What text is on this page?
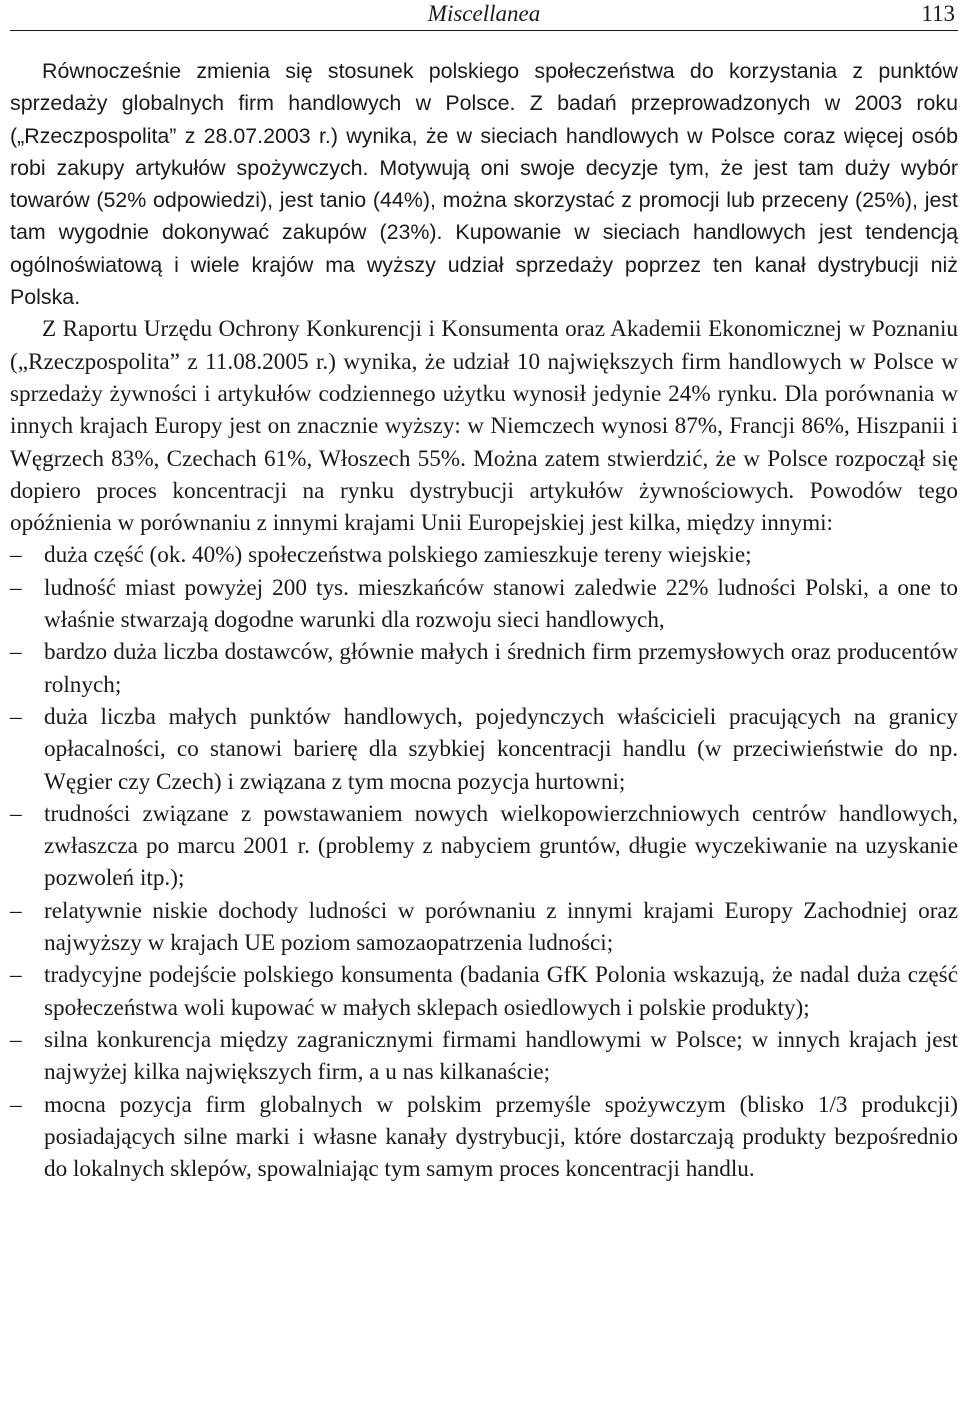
Miscellanea	113

Równocześnie zmienia się stosunek polskiego społeczeństwa do korzystania z punktów sprzedaży globalnych firm handlowych w Polsce. Z badań przeprowadzonych w 2003 roku („Rzeczpospolita” z 28.07.2003 r.) wynika, że w sieciach handlowych w Polsce coraz więcej osób robi zakupy artykułów spożywczych. Motywują oni swoje decyzje tym, że jest tam duży wybór towarów (52% odpowiedzi), jest tanio (44%), można skorzystać z promocji lub przeceny (25%), jest tam wygodnie dokonywać zakupów (23%). Kupowanie w sieciach handlowych jest tendencją ogólnoświatową i wiele krajów ma wyższy udział sprzedaży poprzez ten kanał dystrybucji niż Polska.

Z Raportu Urzędu Ochrony Konkurencji i Konsumenta oraz Akademii Ekonomicznej w Poznaniu („Rzeczpospolita” z 11.08.2005 r.) wynika, że udział 10 największych firm handlowych w Polsce w sprzedaży żywności i artykułów codziennego użytku wynosił jedynie 24% rynku. Dla porównania w innych krajach Europy jest on znacznie wyższy: w Niemczech wynosi 87%, Francji 86%, Hiszpanii i Węgrzech 83%, Czechach 61%, Włoszech 55%. Można zatem stwierdzić, że w Polsce rozpoczął się dopiero proces koncentracji na rynku dystrybucji artykułów żywnościowych. Powodów tego opóźnienia w porównaniu z innymi krajami Unii Europejskiej jest kilka, między innymi:

– duża część (ok. 40%) społeczeństwa polskiego zamieszkuje tereny wiejskie;
– ludność miast powyżej 200 tys. mieszkańców stanowi zaledwie 22% ludności Polski, a one to właśnie stwarzają dogodne warunki dla rozwoju sieci handlowych,
– bardzo duża liczba dostawców, głównie małych i średnich firm przemysłowych oraz producentów rolnych;
– duża liczba małych punktów handlowych, pojedynczych właścicieli pracujących na granicy opłacalności, co stanowi barierę dla szybkiej koncentracji handlu (w przeciwieństwie do np. Węgier czy Czech) i związana z tym mocna pozycja hurtowni;
– trudności związane z powstawaniem nowych wielkopowierzchniowych centrów handlowych, zwłaszcza po marcu 2001 r. (problemy z nabyciem gruntów, długie wyczekiwanie na uzyskanie pozwoleń itp.);
– relatywnie niskie dochody ludności w porównaniu z innymi krajami Europy Zachodniej oraz najwyższy w krajach UE poziom samozaopatrzenia ludności;
– tradycyjne podejście polskiego konsumenta (badania GfK Polonia wskazują, że nadal duża część społeczeństwa woli kupować w małych sklepach osiedlowych i polskie produkty);
– silna konkurencja między zagranicznymi firmami handlowymi w Polsce; w innych krajach jest najwyżej kilka największych firm, a u nas kilkanaście;
– mocna pozycja firm globalnych w polskim przemyśle spożywczym (blisko 1/3 produkcji) posiadających silne marki i własne kanały dystrybucji, które dostarczają produkty bezpośrednio do lokalnych sklepów, spowalniając tym samym proces koncentracji handlu.
